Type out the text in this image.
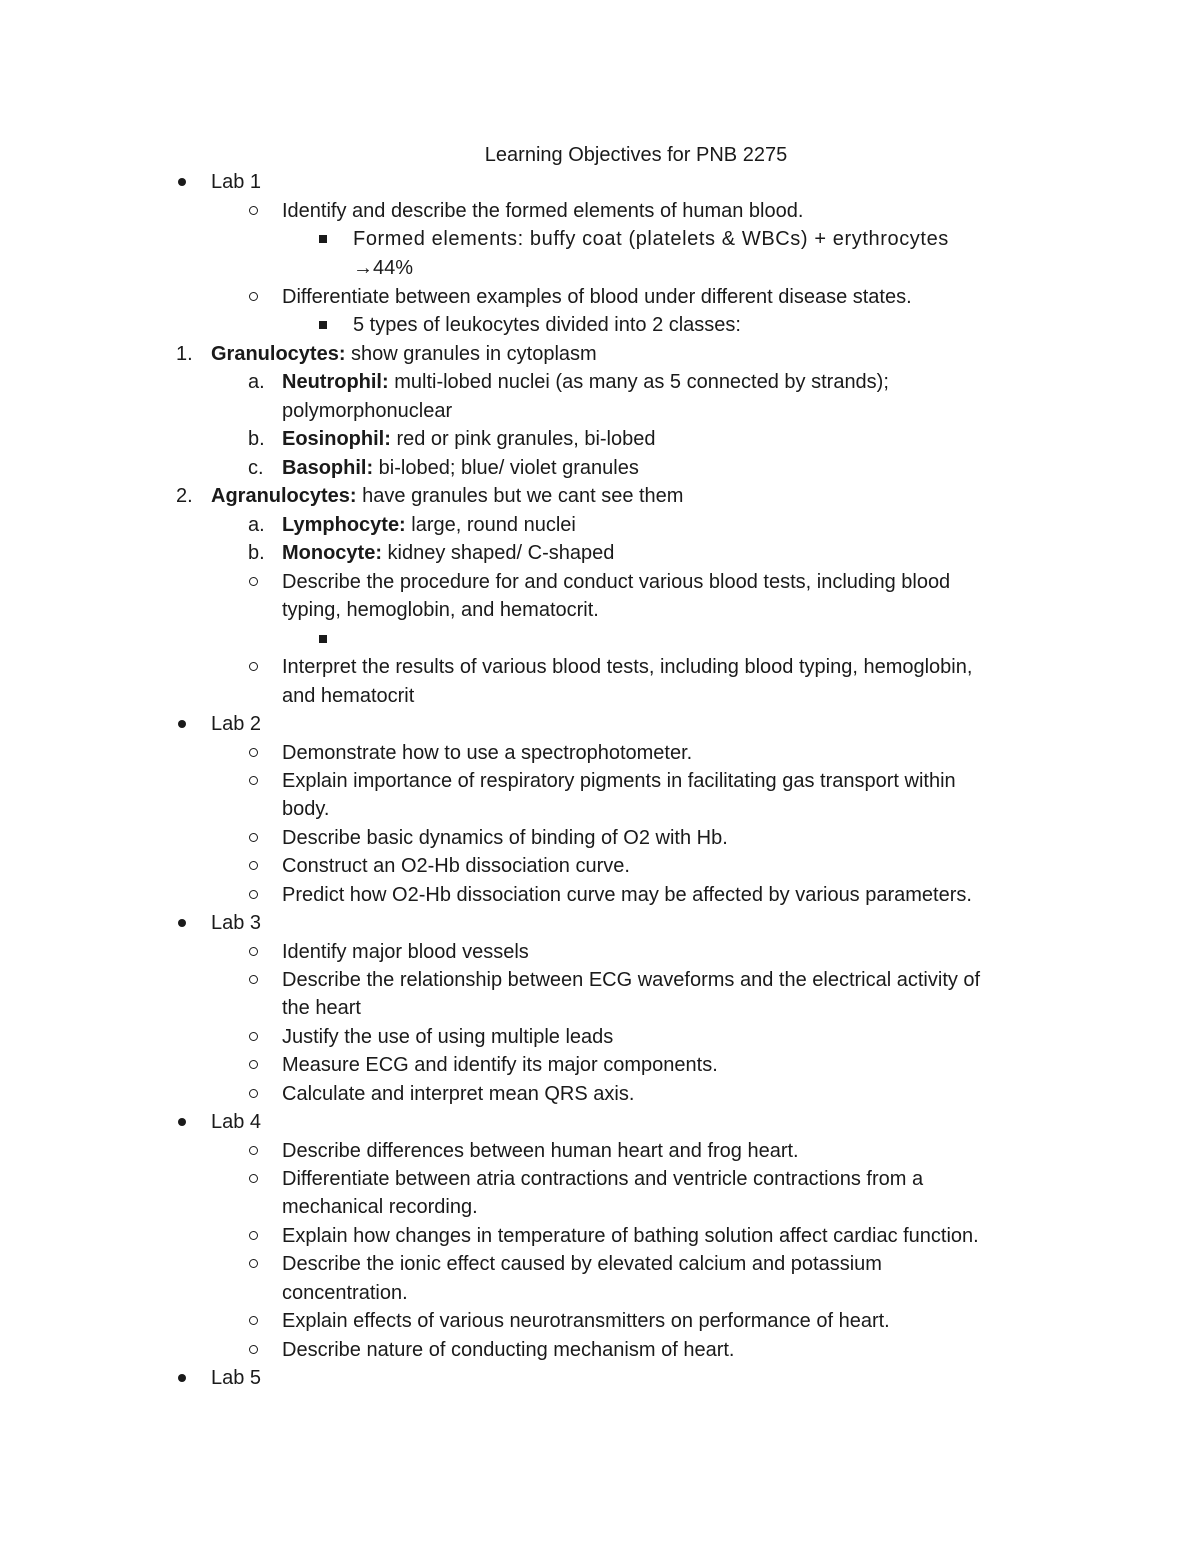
Learning Objectives for PNB 2275
Lab 1
Identify and describe the formed elements of human blood.
Formed elements: buffy coat (platelets & WBCs) + erythrocytes
→44%
Differentiate between examples of blood under different disease states.
5 types of leukocytes divided into 2 classes:
1. Granulocytes: show granules in cytoplasm
a. Neutrophil: multi-lobed nuclei (as many as 5 connected by strands);
polymorphonuclear
b. Eosinophil: red or pink granules, bi-lobed
c. Basophil: bi-lobed; blue/ violet granules
2. Agranulocytes: have granules but we cant see them
a. Lymphocyte: large, round nuclei
b. Monocyte: kidney shaped/ C-shaped
Describe the procedure for and conduct various blood tests, including blood
typing, hemoglobin, and hematocrit.
Interpret the results of various blood tests, including blood typing, hemoglobin,
and hematocrit
Lab 2
Demonstrate how to use a spectrophotometer.
Explain importance of respiratory pigments in facilitating gas transport within
body.
Describe basic dynamics of binding of O2 with Hb.
Construct an O2-Hb dissociation curve.
Predict how O2-Hb dissociation curve may be affected by various parameters.
Lab 3
Identify major blood vessels
Describe the relationship between ECG waveforms and the electrical activity of
the heart
Justify the use of using multiple leads
Measure ECG and identify its major components.
Calculate and interpret mean QRS axis.
Lab 4
Describe differences between human heart and frog heart.
Differentiate between atria contractions and ventricle contractions from a
mechanical recording.
Explain how changes in temperature of bathing solution affect cardiac function.
Describe the ionic effect caused by elevated calcium and potassium
concentration.
Explain effects of various neurotransmitters on performance of heart.
Describe nature of conducting mechanism of heart.
Lab 5
